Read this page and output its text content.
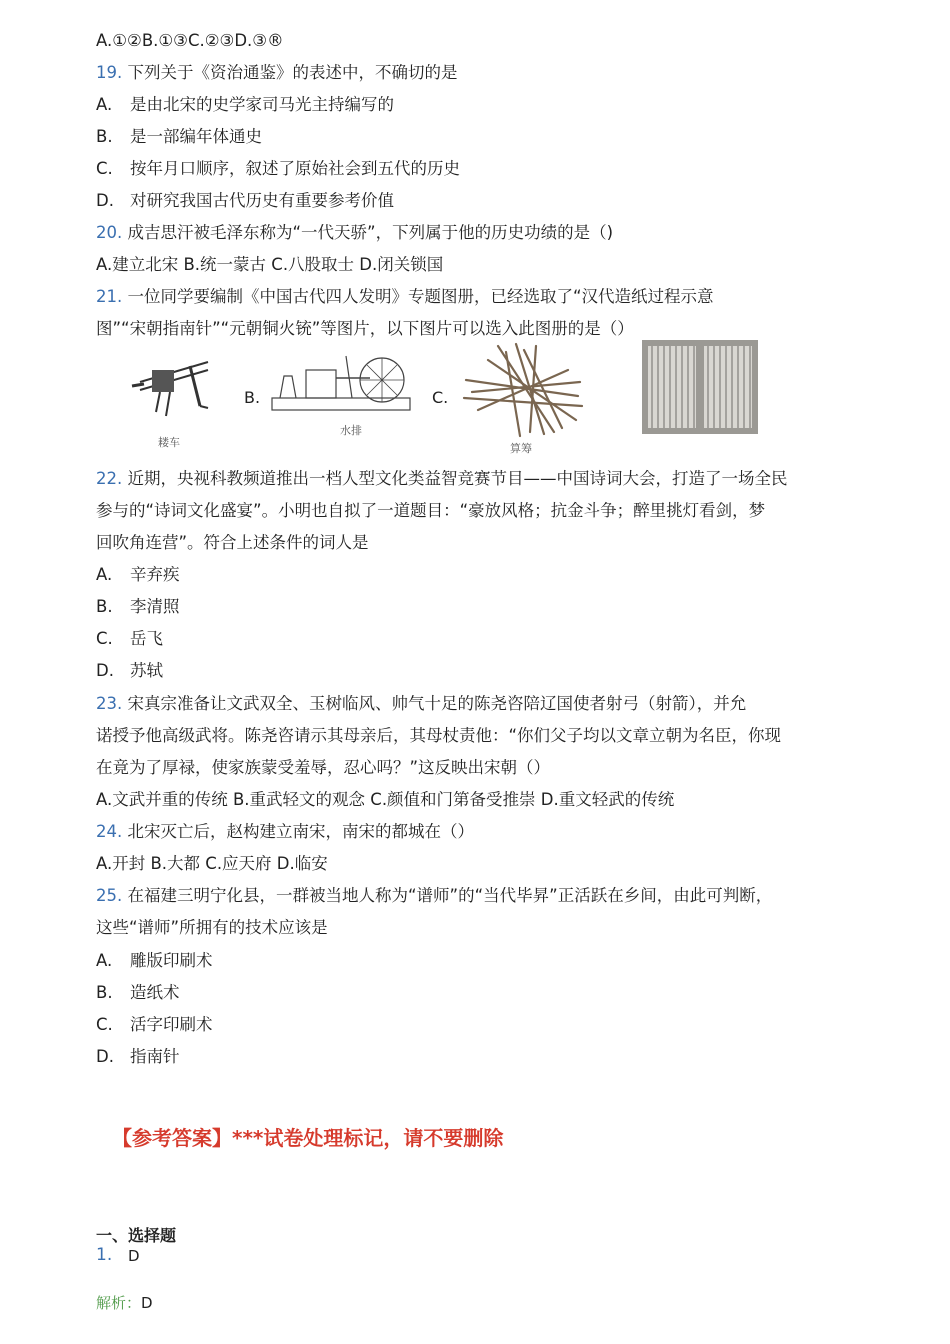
A.①②B.①③C.②③D.③®
19. 下列关于《资治通鉴》的表述中，不确切的是
A. 是由北宋的史学家司马光主持编写的
B. 是一部编年体通史
C. 按年月口顺序，叙述了原始社会到五代的历史
D. 对研究我国古代历史有重要参考价值
20. 成吉思汗被毛泽东称为“一代天骄”，下列属于他的历史功绩的是（)
A.建立北宋 B.统一蒙古 C.八股取士 D.闭关锁国
21. 一位同学要编制《中国古代四人发明》专题图册，已经选取了“汉代造纸过程示意
图”“宋朝指南针”“元朝铜火铳”等图片，以下图片可以选入此图册的是（）
耧车
B.
水排
C.
算筹
22. 近期，央视科教频道推出一档人型文化类益智竞赛节目——中国诗词大会，打造了一场全民
参与的“诗词文化盛宴”。小明也自拟了一道题目：“豪放风格；抗金斗争；醉里挑灯看剑，梦
回吹角连营”。符合上述条件的词人是
A. 辛弃疾
B. 李清照
C. 岳飞
D. 苏轼
23. 宋真宗准备让文武双全、玉树临风、帅气十足的陈尧咨陪辽国使者射弓（射箭），并允
诺授予他高级武将。陈尧咨请示其母亲后，其母杖责他：“你们父子均以文章立朝为名臣，你现
在竟为了厚禄，使家族蒙受羞辱，忍心吗？”这反映出宋朝（）
A.文武并重的传统 B.重武轻文的观念 C.颜值和门第备受推崇 D.重文轻武的传统
24. 北宋灭亡后，赵构建立南宋，南宋的都城在（）
A.开封 B.大都 C.应天府 D.临安
25. 在福建三明宁化县，一群被当地人称为“谱师”的“当代毕昇”正活跃在乡间，由此可判断，
这些“谱师”所拥有的技术应该是
A. 雕版印刷术
B. 造纸术
C. 活字印刷术
D. 指南针
【参考答案】***试卷处理标记，请不要删除
一、选择题
1. D
解析：D
